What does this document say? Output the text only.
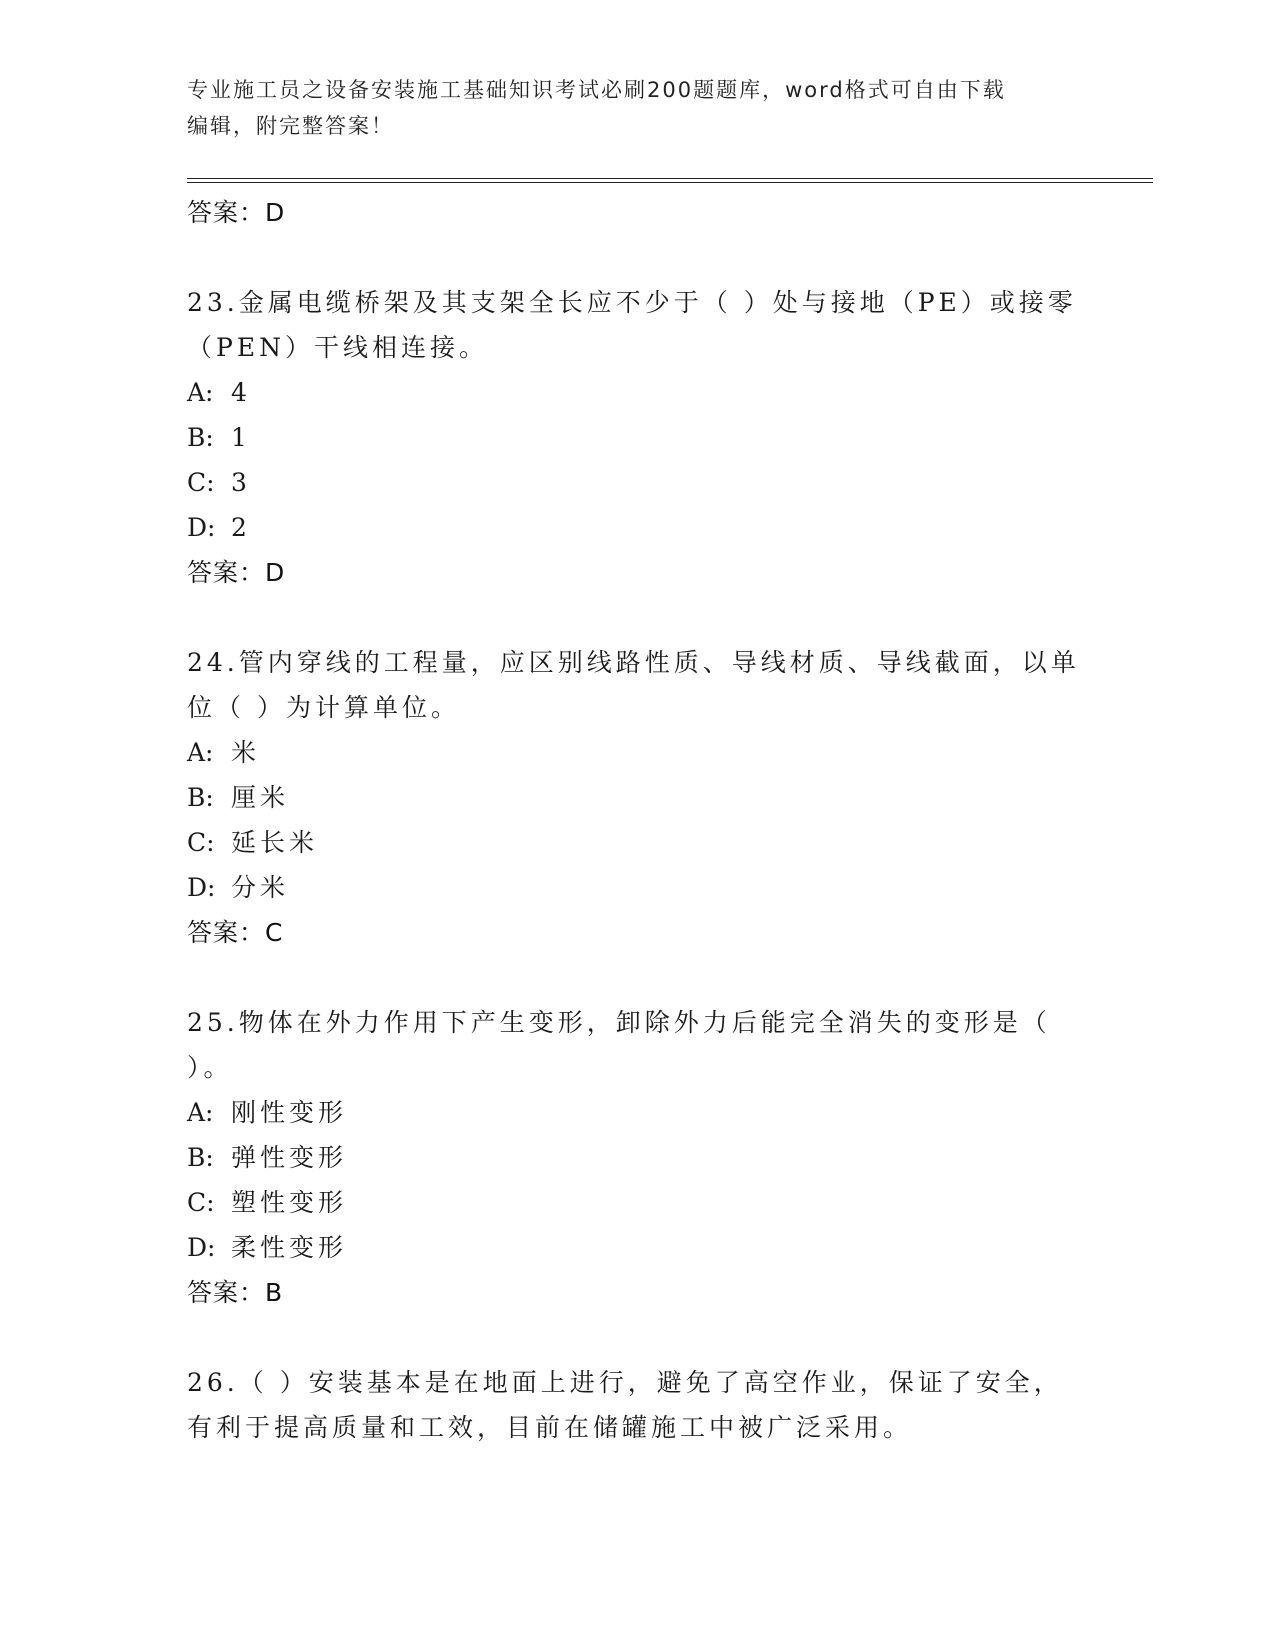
专业施工员之设备安装施工基础知识考试必刷200题题库，word格式可自由下载
编辑，附完整答案！
答案：D
23.金属电缆桥架及其支架全长应不少于（ ）处与接地（PE）或接零
（PEN）干线相连接。
A: 4
B: 1
C: 3
D: 2
答案：D
24.管内穿线的工程量，应区别线路性质、导线材质、导线截面，以单
位（ ）为计算单位。
A: 米
B: 厘米
C: 延长米
D: 分米
答案：C
25.物体在外力作用下产生变形，卸除外力后能完全消失的变形是（
）。
A: 刚性变形
B: 弹性变形
C: 塑性变形
D: 柔性变形
答案：B
26.（ ）安装基本是在地面上进行，避免了高空作业，保证了安全，
有利于提高质量和工效，目前在储罐施工中被广泛采用。
